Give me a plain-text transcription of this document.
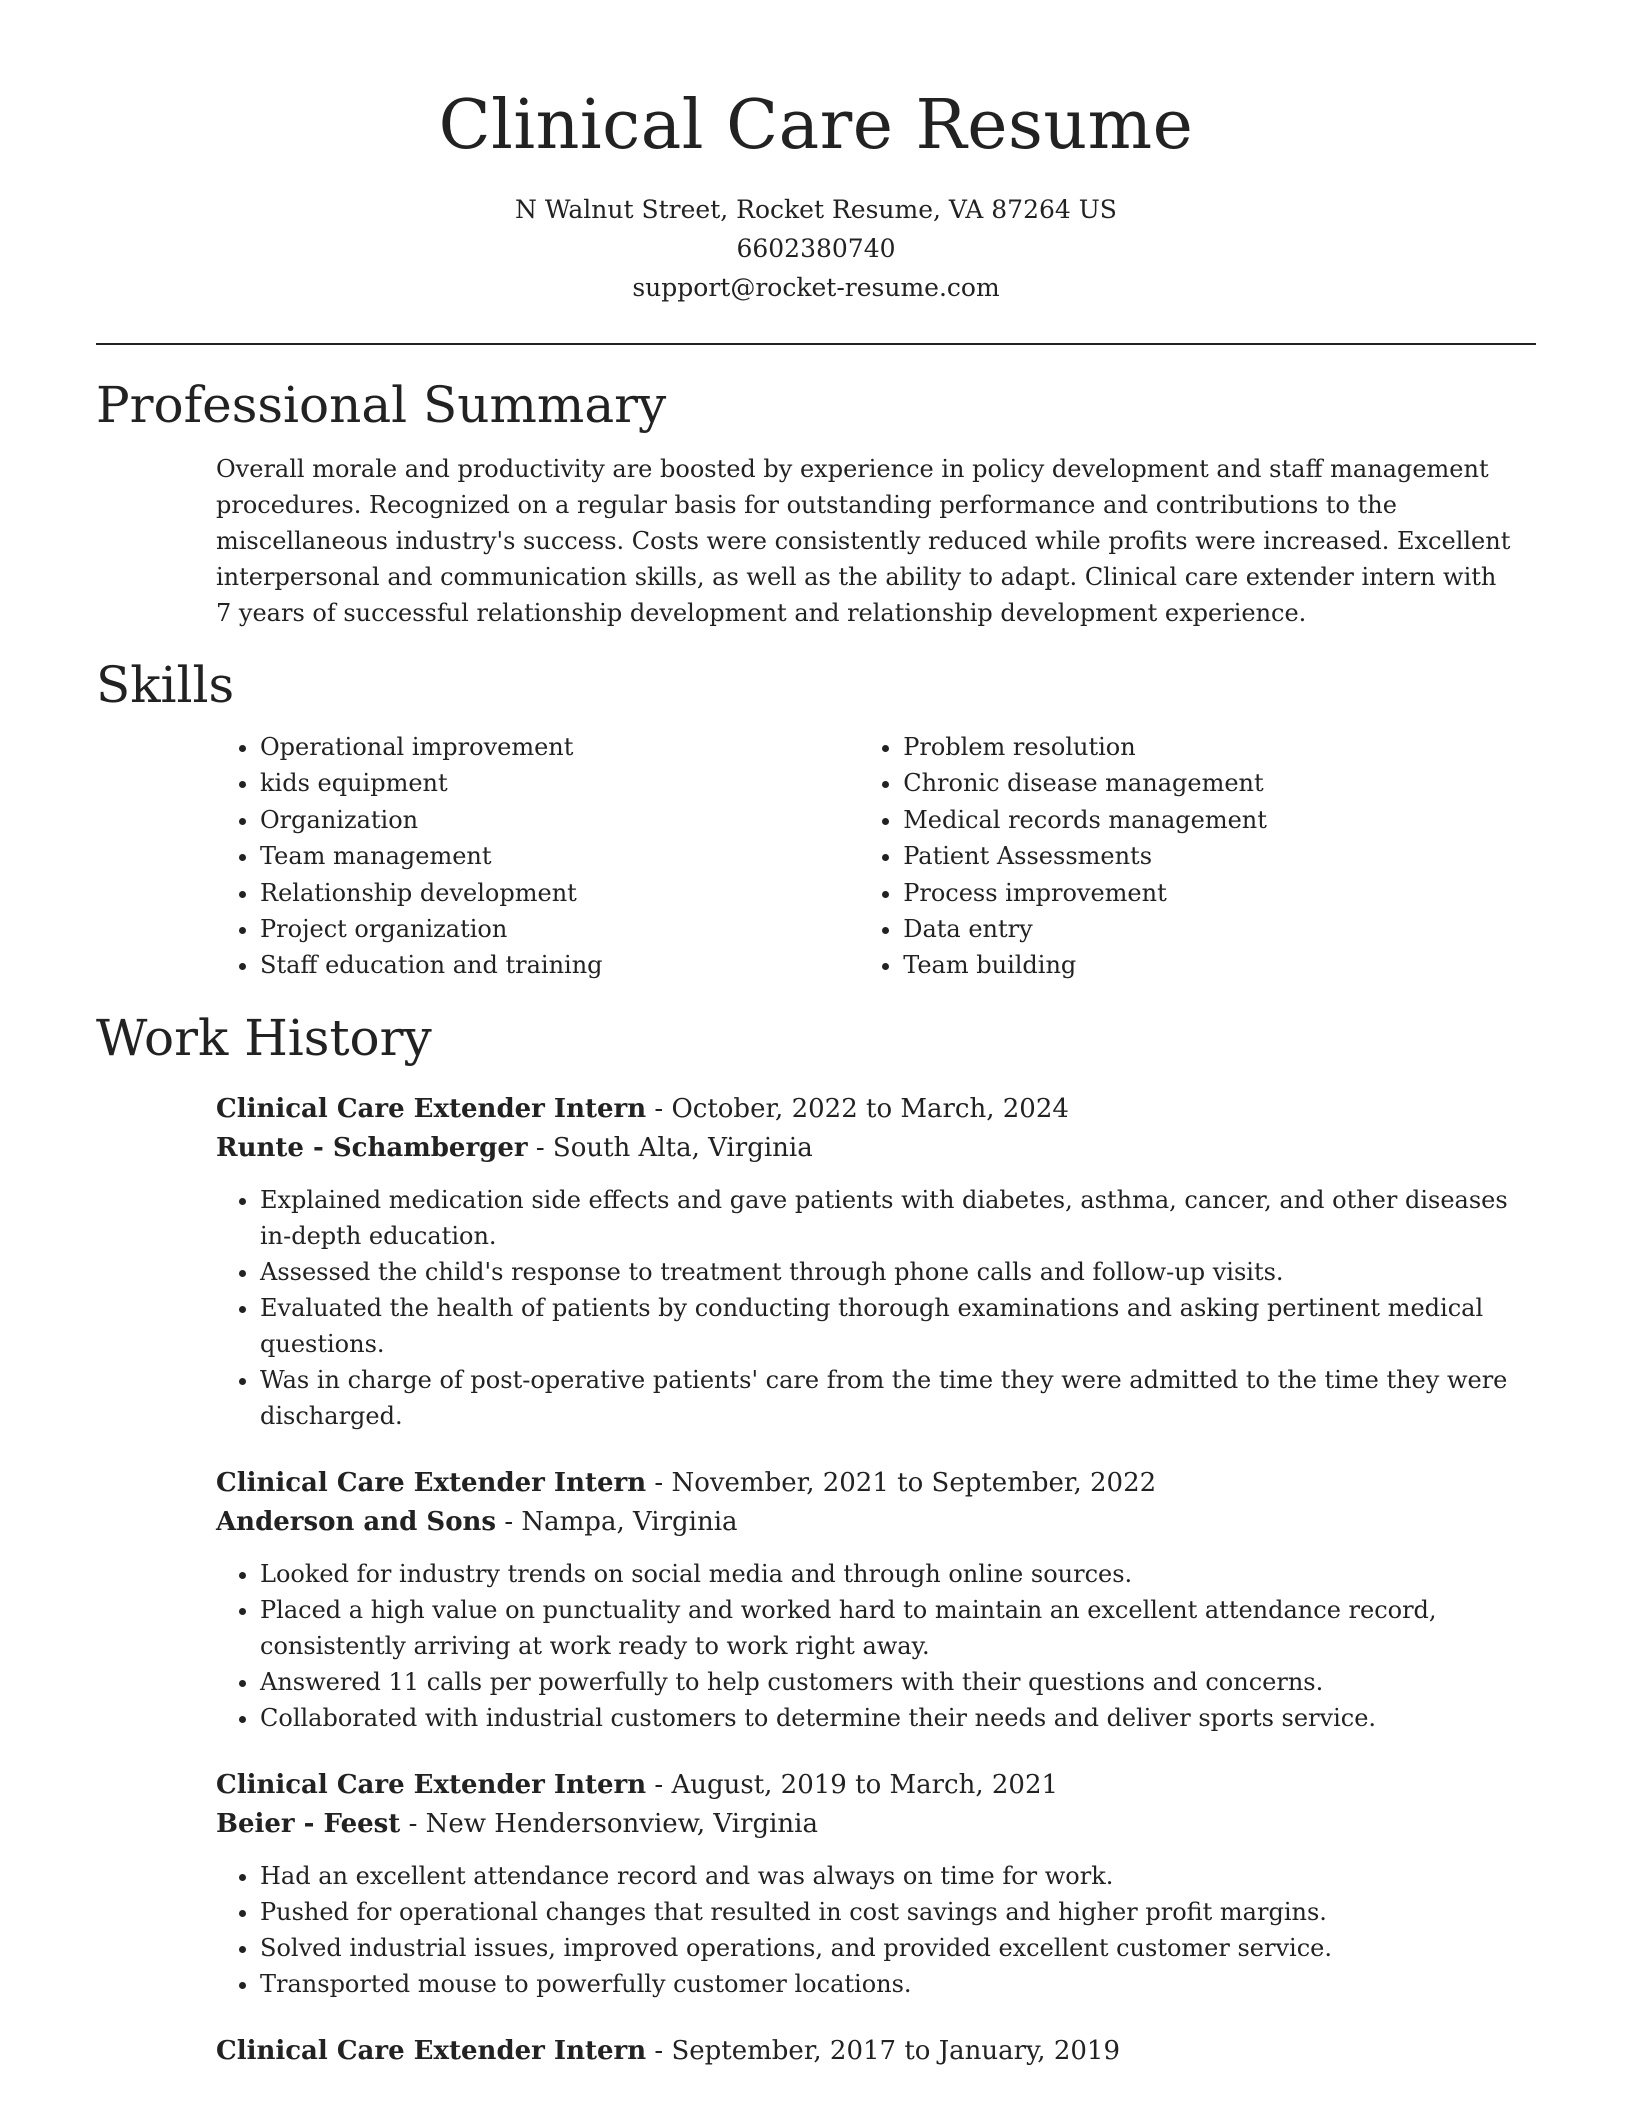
Clinical Care Resume

N Walnut Street, Rocket Resume, VA 87264 US

6602380740

support@rocket-resume.com

Professional Summary

Overall morale and productivity are boosted by experience in policy development and staff management procedures. Recognized on a regular basis for outstanding performance and contributions to the miscellaneous industry's success. Costs were consistently reduced while profits were increased. Excellent interpersonal and communication skills, as well as the ability to adapt. Clinical care extender intern with 7 years of successful relationship development and relationship development experience.

Skills
• Operational improvement
• kids equipment
• Organization
• Team management
• Relationship development
• Project organization
• Staff education and training
• Problem resolution
• Chronic disease management
• Medical records management
• Patient Assessments
• Process improvement
• Data entry
• Team building
Work History

Clinical Care Extender Intern - October, 2022 to March, 2024

Runte - Schamberger - South Alta, Virginia

• Explained medication side effects and gave patients with diabetes, asthma, cancer, and other diseases in-depth education.
• Assessed the child's response to treatment through phone calls and follow-up visits.
• Evaluated the health of patients by conducting thorough examinations and asking pertinent medical questions.
• Was in charge of post-operative patients' care from the time they were admitted to the time they were discharged.

Clinical Care Extender Intern - November, 2021 to September, 2022

Anderson and Sons - Nampa, Virginia

• Looked for industry trends on social media and through online sources.
• Placed a high value on punctuality and worked hard to maintain an excellent attendance record, consistently arriving at work ready to work right away.
• Answered 11 calls per powerfully to help customers with their questions and concerns.
• Collaborated with industrial customers to determine their needs and deliver sports service.

Clinical Care Extender Intern - August, 2019 to March, 2021

Beier - Feest - New Hendersonview, Virginia

• Had an excellent attendance record and was always on time for work.
• Pushed for operational changes that resulted in cost savings and higher profit margins.
• Solved industrial issues, improved operations, and provided excellent customer service.
• Transported mouse to powerfully customer locations.

Clinical Care Extender Intern - September, 2017 to January, 2019
